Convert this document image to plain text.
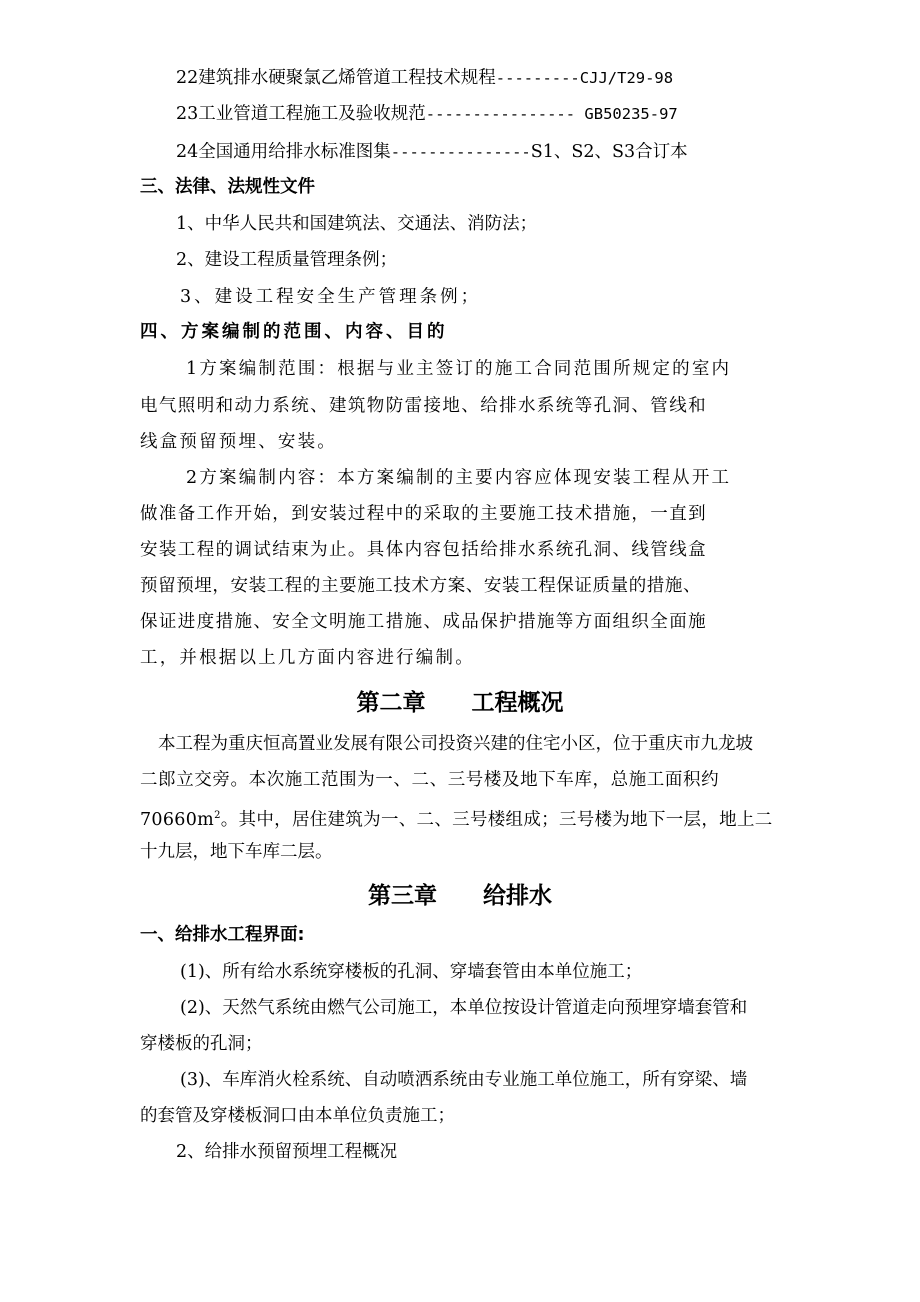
22建筑排水硬聚氯乙烯管道工程技术规程---------CJJ/T29-98
23工业管道工程施工及验收规范---------------- GB50235-97
24全国通用给排水标准图集---------------S1、S2、S3合订本
三、法律、法规性文件
1、中华人民共和国建筑法、交通法、消防法；
2、建设工程质量管理条例；
3、建设工程安全生产管理条例；
四、方案编制的范围、内容、目的
1方案编制范围：根据与业主签订的施工合同范围所规定的室内
电气照明和动力系统、建筑物防雷接地、给排水系统等孔洞、管线和
线盒预留预埋、安装。
2方案编制内容：本方案编制的主要内容应体现安装工程从开工
做准备工作开始，到安装过程中的采取的主要施工技术措施，一直到
安装工程的调试结束为止。具体内容包括给排水系统孔洞、线管线盒
预留预埋，安装工程的主要施工技术方案、安装工程保证质量的措施、
保证进度措施、安全文明施工措施、成品保护措施等方面组织全面施
工，并根据以上几方面内容进行编制。
第二章　　工程概况
本工程为重庆恒高置业发展有限公司投资兴建的住宅小区，位于重庆市九龙坡
二郎立交旁。本次施工范围为一、二、三号楼及地下车库，总施工面积约
$70660m^2$。其中，居住建筑为一、二、三号楼组成；三号楼为地下一层，地上二
十九层，地下车库二层。
第三章　　给排水
一、给排水工程界面:
(1)、所有给水系统穿楼板的孔洞、穿墙套管由本单位施工；
(2)、天然气系统由燃气公司施工，本单位按设计管道走向预埋穿墙套管和
穿楼板的孔洞；
(3)、车库消火栓系统、自动喷洒系统由专业施工单位施工，所有穿梁、墙
的套管及穿楼板洞口由本单位负责施工；
2、给排水预留预埋工程概况
